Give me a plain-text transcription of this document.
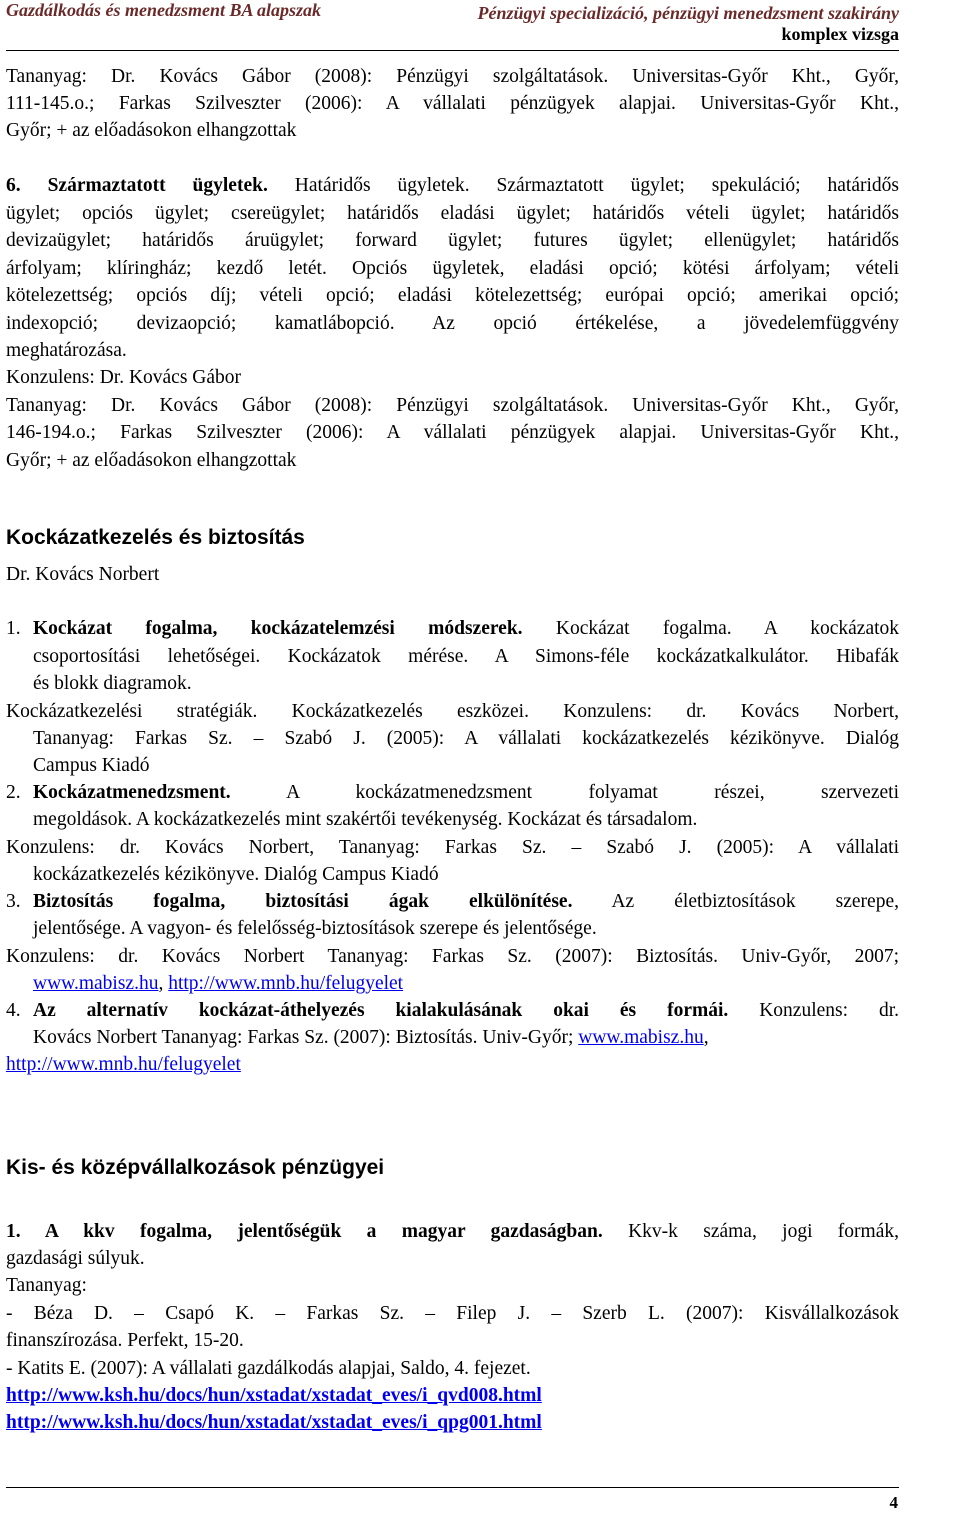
Gazdálkodás és menedzsment BA alapszak	Pénzügyi specializáció, pénzügyi menedzsment szakirány
komplex vizsga
Tananyag: Dr. Kovács Gábor (2008): Pénzügyi szolgáltatások. Universitas-Győr Kht., Győr,
111-145.o.; Farkas Szilveszter (2006): A vállalati pénzügyek alapjai. Universitas-Győr Kht.,
Győr; + az előadásokon elhangzottak
6. Származtatott ügyletek. Határidős ügyletek. Származtatott ügylet; spekuláció; határidős
ügylet; opciós ügylet; csereügylet; határidős eladási ügylet; határidős vételi ügylet; határidős
devizaügylet; határidős áruügylet; forward ügylet; futures ügylet; ellenügylet; határidős
árfolyam; klíringház; kezdő letét. Opciós ügyletek, eladási opció; kötési árfolyam; vételi
kötelezettség; opciós díj; vételi opció; eladási kötelezettség; európai opció; amerikai opció;
indexopció; devizaopció; kamatlábopció. Az opció értékelése, a jövedelemfüggvény
meghatározása.
Konzulens: Dr. Kovács Gábor
Tananyag: Dr. Kovács Gábor (2008): Pénzügyi szolgáltatások. Universitas-Győr Kht., Győr,
146-194.o.; Farkas Szilveszter (2006): A vállalati pénzügyek alapjai. Universitas-Győr Kht.,
Győr; + az előadásokon elhangzottak
Kockázatkezelés és biztosítás
Dr. Kovács Norbert
1. Kockázat fogalma, kockázatelemzési módszerek. Kockázat fogalma. A kockázatok
csoportosítási lehetőségei. Kockázatok mérése. A Simons-féle kockázatkalkulátor. Hibafák
és blokk diagramok.
Kockázatkezelési stratégiák. Kockázatkezelés eszközei. Konzulens: dr. Kovács Norbert,
Tananyag: Farkas Sz. – Szabó J. (2005): A vállalati kockázatkezelés kézikönyve. Dialóg
Campus Kiadó
2. Kockázatmenedzsment.	A kockázatmenedzsment folyamat részei, szervezeti
megoldások. A kockázatkezelés mint szakértői tevékenység. Kockázat és társadalom.
Konzulens: dr. Kovács Norbert, Tananyag: Farkas Sz. – Szabó J. (2005): A vállalati
kockázatkezelés kézikönyve. Dialóg Campus Kiadó
3. Biztosítás fogalma, biztosítási ágak elkülönítése. Az életbiztosítások szerepe,
jelentősége. A vagyon- és felelősség-biztosítások szerepe és jelentősége.
Konzulens: dr. Kovács Norbert Tananyag: Farkas Sz. (2007): Biztosítás. Univ-Győr, 2007;
www.mabisz.hu, http://www.mnb.hu/felugyelet
4. Az alternatív kockázat-áthelyezés kialakulásának okai és formái. Konzulens: dr.
Kovács Norbert Tananyag: Farkas Sz. (2007): Biztosítás. Univ-Győr; www.mabisz.hu,
http://www.mnb.hu/felugyelet
Kis- és középvállalkozások pénzügyei
1. A kkv fogalma, jelentőségük a magyar gazdaságban. Kkv-k száma, jogi formák,
gazdasági súlyuk.
Tananyag:
- Béza D. – Csapó K. – Farkas Sz. – Filep J. – Szerb L. (2007): Kisvállalkozások
finanszírozása. Perfekt, 15-20.
- Katits E. (2007): A vállalati gazdálkodás alapjai, Saldo, 4. fejezet.
http://www.ksh.hu/docs/hun/xstadat/xstadat_eves/i_qvd008.html
http://www.ksh.hu/docs/hun/xstadat/xstadat_eves/i_qpg001.html
4
